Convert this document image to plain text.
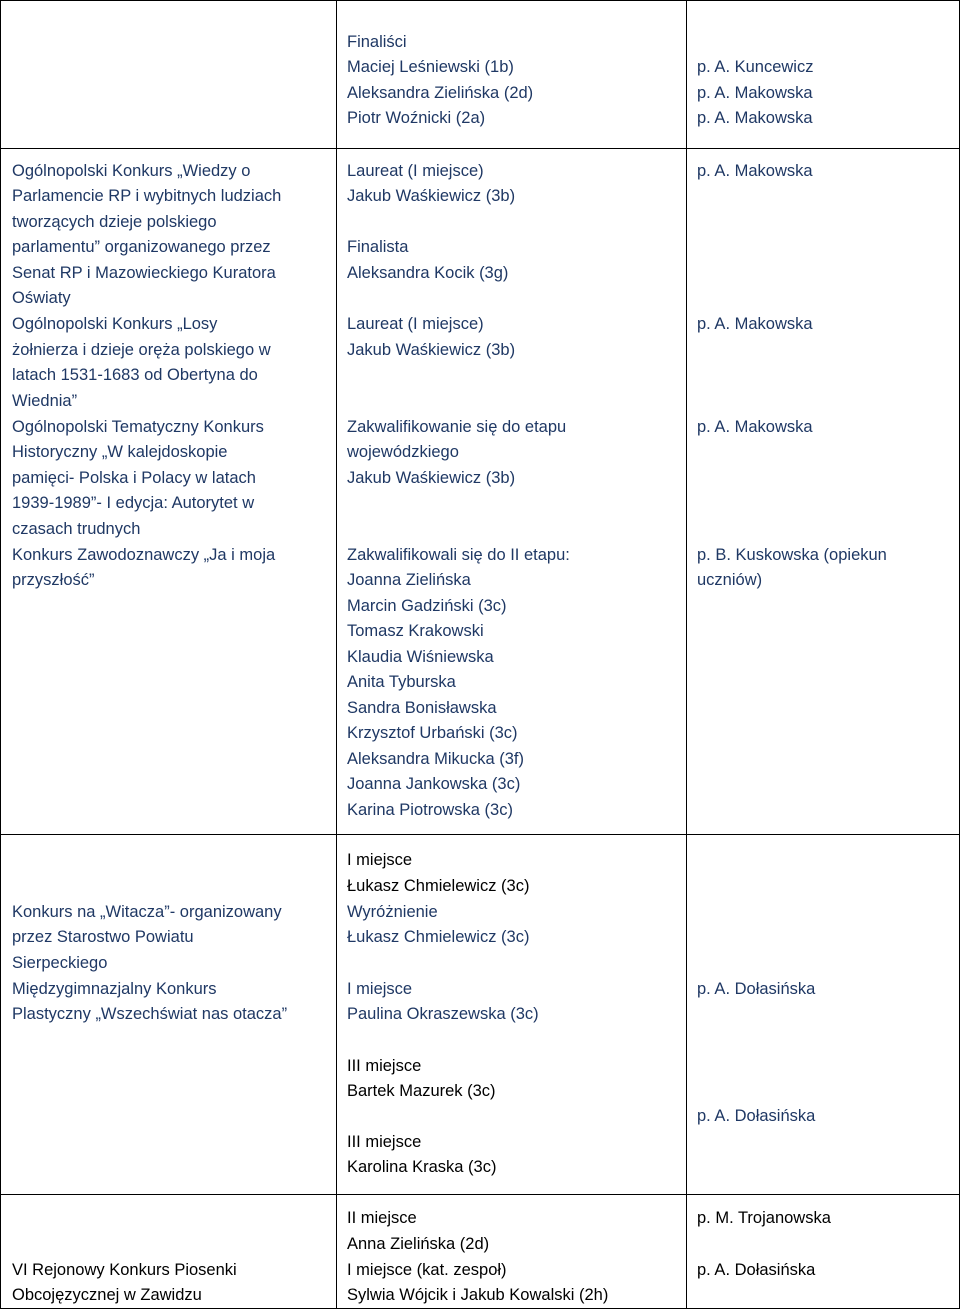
Finaliści
Maciej Leśniewski (1b)
Aleksandra Zielińska (2d)
Piotr Woźnicki (2a)
p. A. Kuncewicz
p. A. Makowska
p. A. Makowska
Ogólnopolski Konkurs „Wiedzy o
Parlamencie RP i wybitnych ludziach
tworzących dzieje polskiego
parlamentu” organizowanego przez
Senat RP i Mazowieckiego Kuratora
Oświaty
Ogólnopolski Konkurs „Losy
żołnierza i dzieje oręża polskiego w
latach 1531-1683 od Obertyna do
Wiednia”
Ogólnopolski Tematyczny Konkurs
Historyczny „W kalejdoskopie
pamięci- Polska i Polacy w latach
1939-1989”- I edycja: Autorytet w
czasach trudnych
Konkurs Zawodoznawczy „Ja i moja
przyszłość”
Laureat (I miejsce)
Jakub Waśkiewicz (3b)
Finalista
Aleksandra Kocik (3g)
Laureat (I miejsce)
Jakub Waśkiewicz (3b)
Zakwalifikowanie się do etapu
wojewódzkiego
Jakub Waśkiewicz (3b)
Zakwalifikowali się do II etapu:
Joanna Zielińska
Marcin Gadziński (3c)
Tomasz Krakowski
Klaudia Wiśniewska
Anita Tyburska
Sandra Bonisławska
Krzysztof Urbański (3c)
Aleksandra Mikucka (3f)
Joanna Jankowska (3c)
Karina Piotrowska (3c)
p. A. Makowska
p. A. Makowska
p. A. Makowska
p. B. Kuskowska (opiekun
uczniów)
Konkurs na „Witacza”- organizowany
przez Starostwo Powiatu
Sierpeckiego
Międzygimnazjalny Konkurs
Plastyczny „Wszechświat nas otacza”
I miejsce
Łukasz Chmielewicz (3c)
Wyróżnienie
Łukasz Chmielewicz (3c)
I miejsce
Paulina Okraszewska (3c)
III miejsce
Bartek Mazurek (3c)
III miejsce
Karolina Kraska (3c)
p. A. Dołasińska
p. A. Dołasińska
VI Rejonowy Konkurs Piosenki
Obcojęzycznej w Zawidzu
II miejsce
Anna Zielińska (2d)
I miejsce (kat. zespoł)
Sylwia Wójcik i Jakub Kowalski (2h)
p. M. Trojanowska
p. A. Dołasińska
